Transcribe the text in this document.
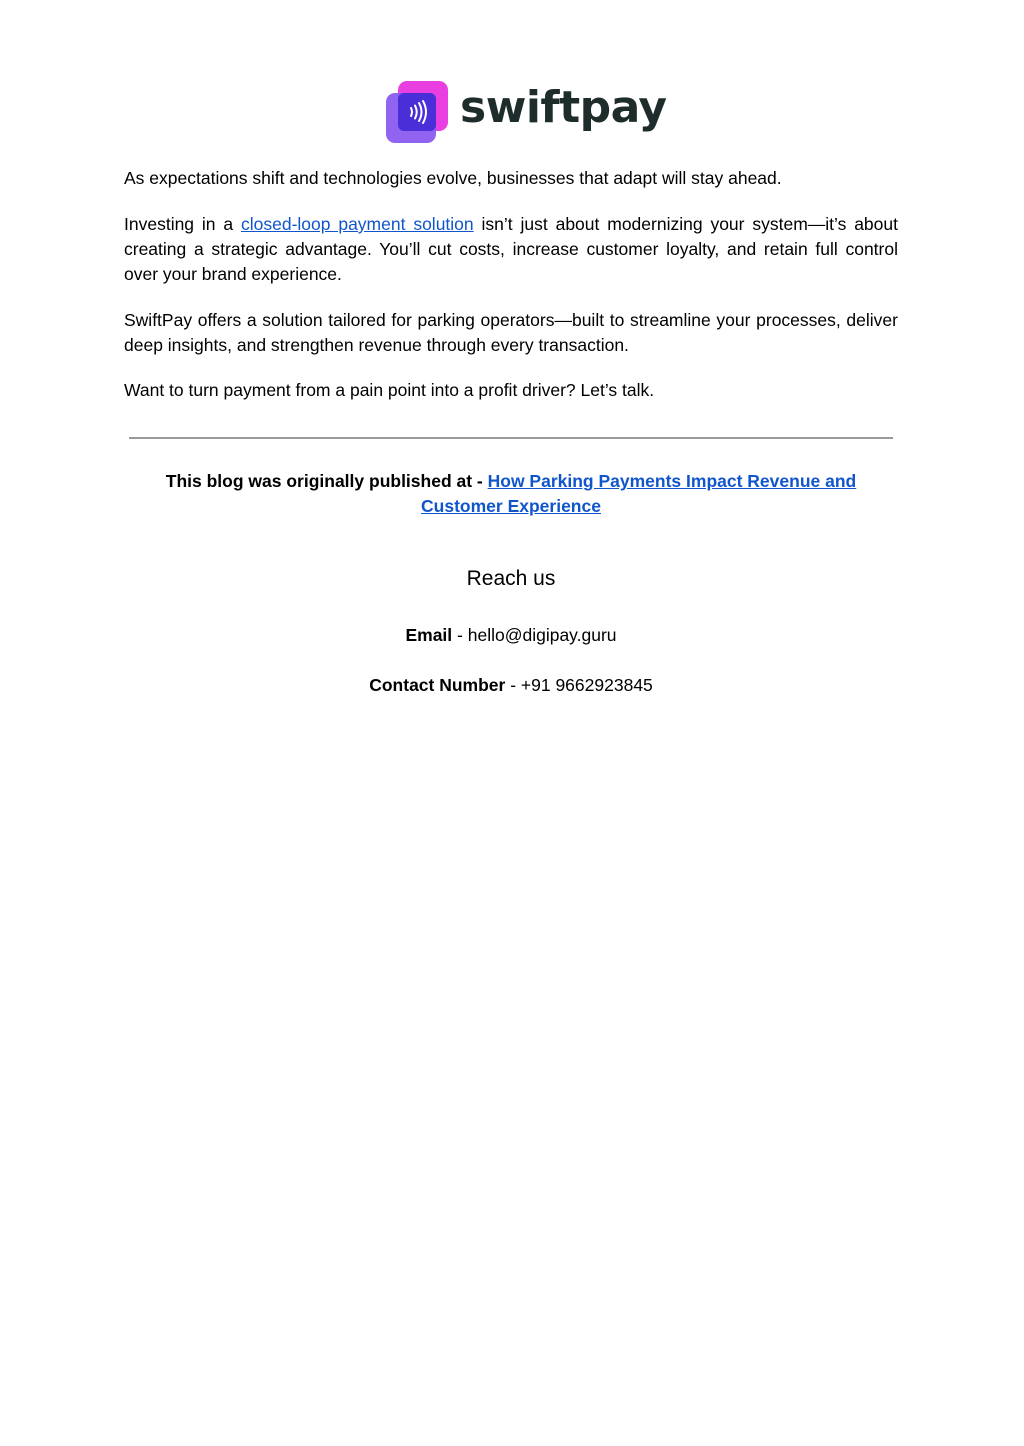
swiftpay

As expectations shift and technologies evolve, businesses that adapt will stay ahead.

Investing in a closed-loop payment solution isn’t just about modernizing your system—it’s about creating a strategic advantage. You’ll cut costs, increase customer loyalty, and retain full control over your brand experience.

SwiftPay offers a solution tailored for parking operators—built to streamline your processes, deliver deep insights, and strengthen revenue through every transaction.

Want to turn payment from a pain point into a profit driver? Let’s talk.

This blog was originally published at - How Parking Payments Impact Revenue and Customer Experience

Reach us

Email - hello@digipay.guru

Contact Number - +91 9662923845
